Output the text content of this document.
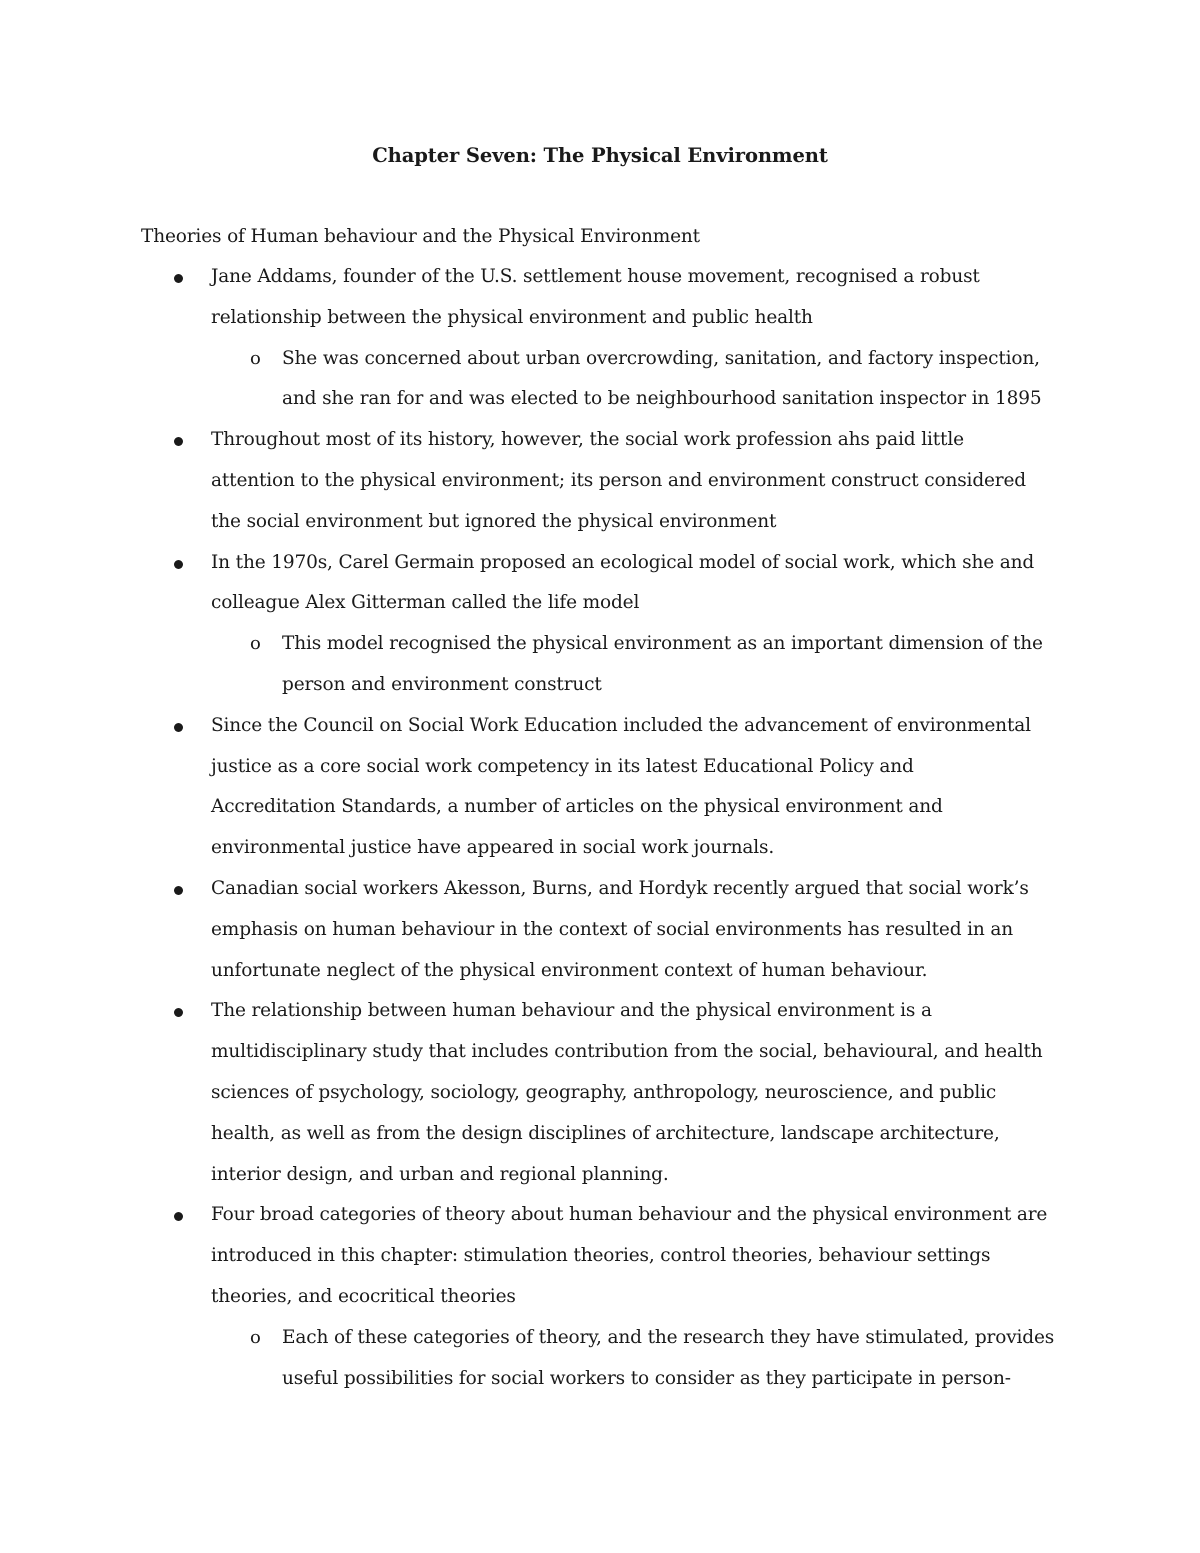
Chapter Seven: The Physical Environment
Theories of Human behaviour and the Physical Environment
Jane Addams, founder of the U.S. settlement house movement, recognised a robust
relationship between the physical environment and public health
o She was concerned about urban overcrowding, sanitation, and factory inspection,
and she ran for and was elected to be neighbourhood sanitation inspector in 1895
Throughout most of its history, however, the social work profession ahs paid little
attention to the physical environment; its person and environment construct considered
the social environment but ignored the physical environment
In the 1970s, Carel Germain proposed an ecological model of social work, which she and
colleague Alex Gitterman called the life model
o This model recognised the physical environment as an important dimension of the
person and environment construct
Since the Council on Social Work Education included the advancement of environmental
justice as a core social work competency in its latest Educational Policy and
Accreditation Standards, a number of articles on the physical environment and
environmental justice have appeared in social work journals.
Canadian social workers Akesson, Burns, and Hordyk recently argued that social work’s
emphasis on human behaviour in the context of social environments has resulted in an
unfortunate neglect of the physical environment context of human behaviour.
The relationship between human behaviour and the physical environment is a
multidisciplinary study that includes contribution from the social, behavioural, and health
sciences of psychology, sociology, geography, anthropology, neuroscience, and public
health, as well as from the design disciplines of architecture, landscape architecture,
interior design, and urban and regional planning.
Four broad categories of theory about human behaviour and the physical environment are
introduced in this chapter: stimulation theories, control theories, behaviour settings
theories, and ecocritical theories
o Each of these categories of theory, and the research they have stimulated, provides
useful possibilities for social workers to consider as they participate in person-
